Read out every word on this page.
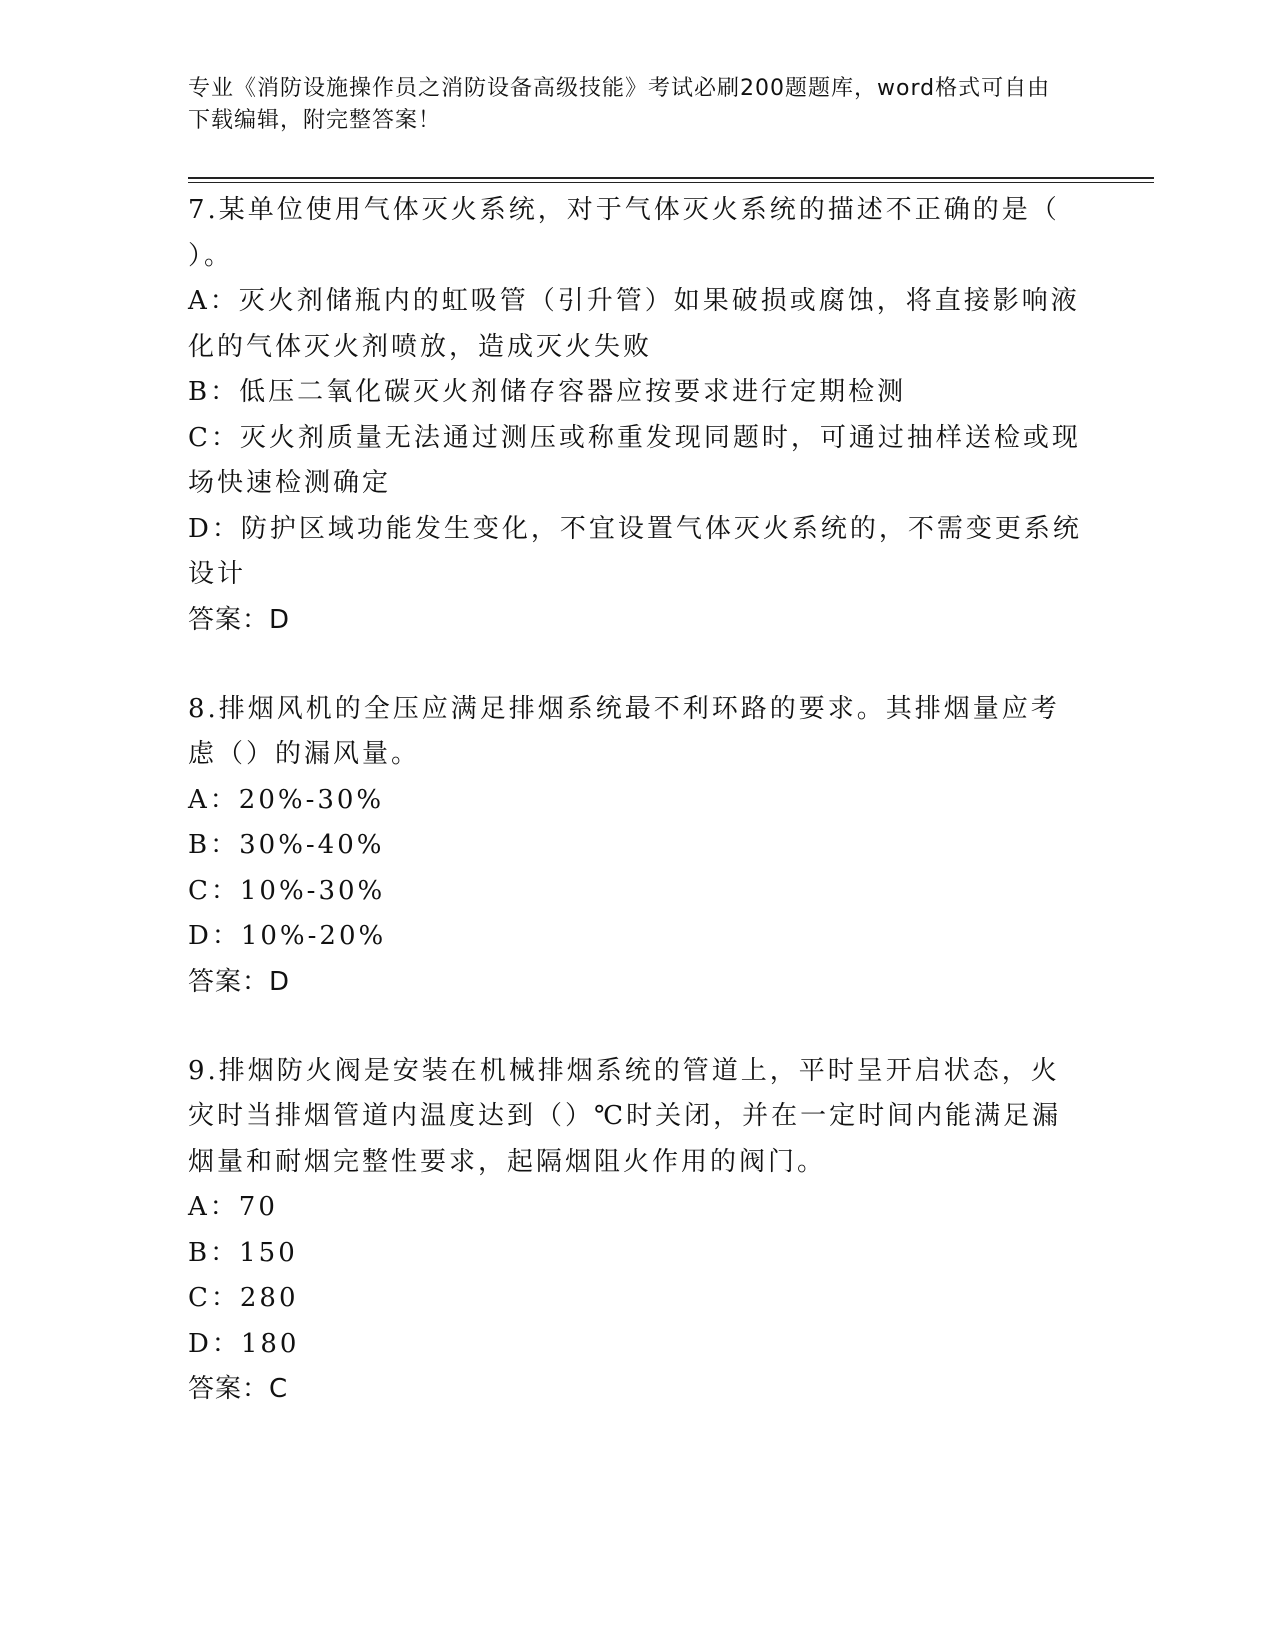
专业《消防设施操作员之消防设备高级技能》考试必刷200题题库，word格式可自由下载编辑，附完整答案！
7.某单位使用气体灭火系统，对于气体灭火系统的描述不正确的是（ ）。
A：灭火剂储瓶内的虹吸管（引升管）如果破损或腐蚀，将直接影响液化的气体灭火剂喷放，造成灭火失败
B：低压二氧化碳灭火剂储存容器应按要求进行定期检测
C：灭火剂质量无法通过测压或称重发现同题时，可通过抽样送检或现场快速检测确定
D：防护区域功能发生变化，不宜设置气体灭火系统的，不需变更系统设计
答案：D
8.排烟风机的全压应满足排烟系统最不利环路的要求。其排烟量应考虑（）的漏风量。
A：20%-30%
B：30%-40%
C：10%-30%
D：10%-20%
答案：D
9.排烟防火阀是安装在机械排烟系统的管道上，平时呈开启状态，火灾时当排烟管道内温度达到（）℃时关闭，并在一定时间内能满足漏烟量和耐烟完整性要求，起隔烟阻火作用的阀门。
A：70
B：150
C：280
D：180
答案：C
